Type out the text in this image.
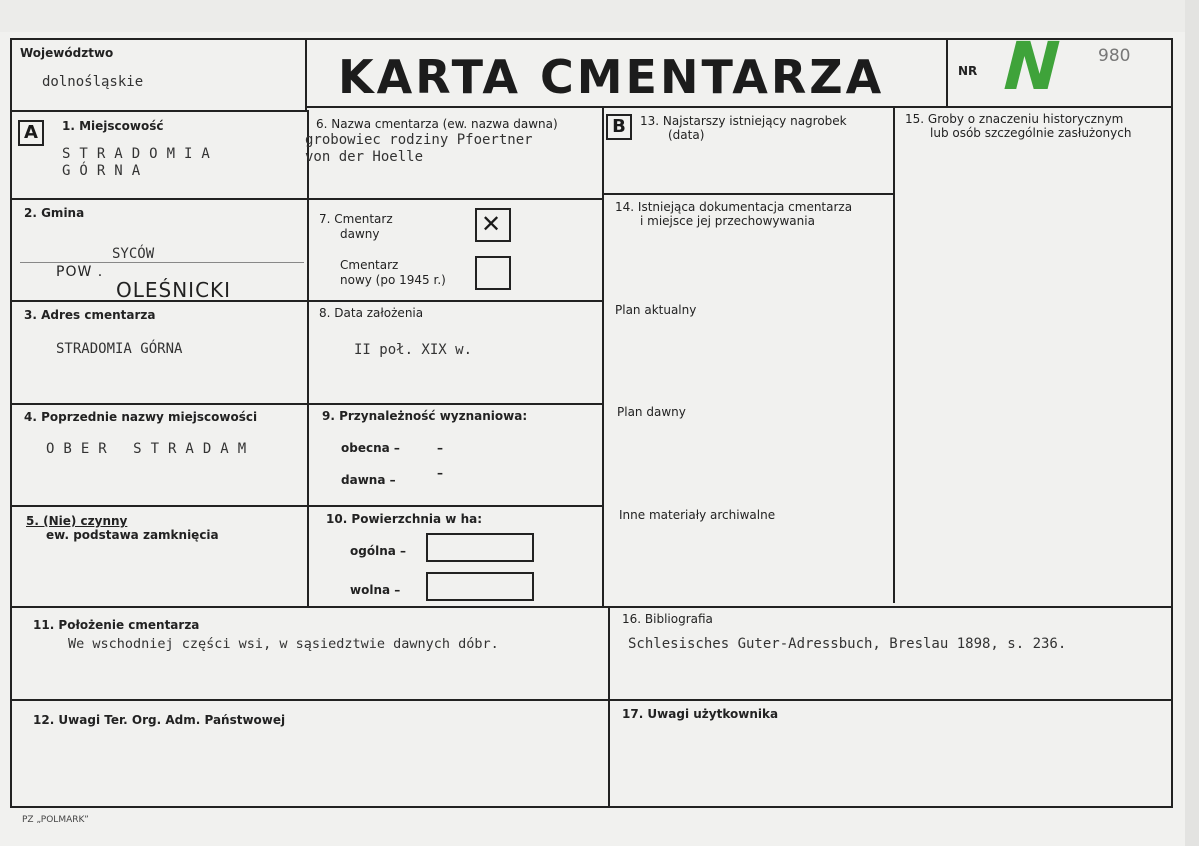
Województwo
dolnośląskie	KARTA CMENTARZA	NR N 980
A	1. Miejscowość
STRADOMIA
GÓRNA
2. Gmina
SYCÓW
POW .
OLEŚNICKI
3. Adres cmentarza
STRADOMIA GÓRNA
4. Poprzednie nazwy miejscowości
OBER STRADAM
5. (Nie) czynny
ew. podstawa zamknięcia
6. Nazwa cmentarza (ew. nazwa dawna)
grobowiec rodziny Pfoertner
von der Hoelle
7. Cmentarz
dawny	✕
Cmentarz
nowy (po 1945 r.)
8. Data założenia
II poł. XIX w.
9. Przynależność wyznaniowa:
obecna –	–
dawna –	–
10. Powierzchnia w ha:
ogólna –
wolna –
B	13. Najstarszy istniejący nagrobek
(data)
14. Istniejąca dokumentacja cmentarza
i miejsce jej przechowywania
Plan aktualny
Plan dawny
Inne materiały archiwalne
15. Groby o znaczeniu historycznym
lub osób szczególnie zasłużonych
11. Położenie cmentarza
We wschodniej części wsi, w sąsiedztwie dawnych dóbr.
16. Bibliografia
Schlesisches Guter-Adressbuch, Breslau 1898, s. 236.
12. Uwagi Ter. Org. Adm. Państwowej	17. Uwagi użytkownika
PZ „POLMARK”
